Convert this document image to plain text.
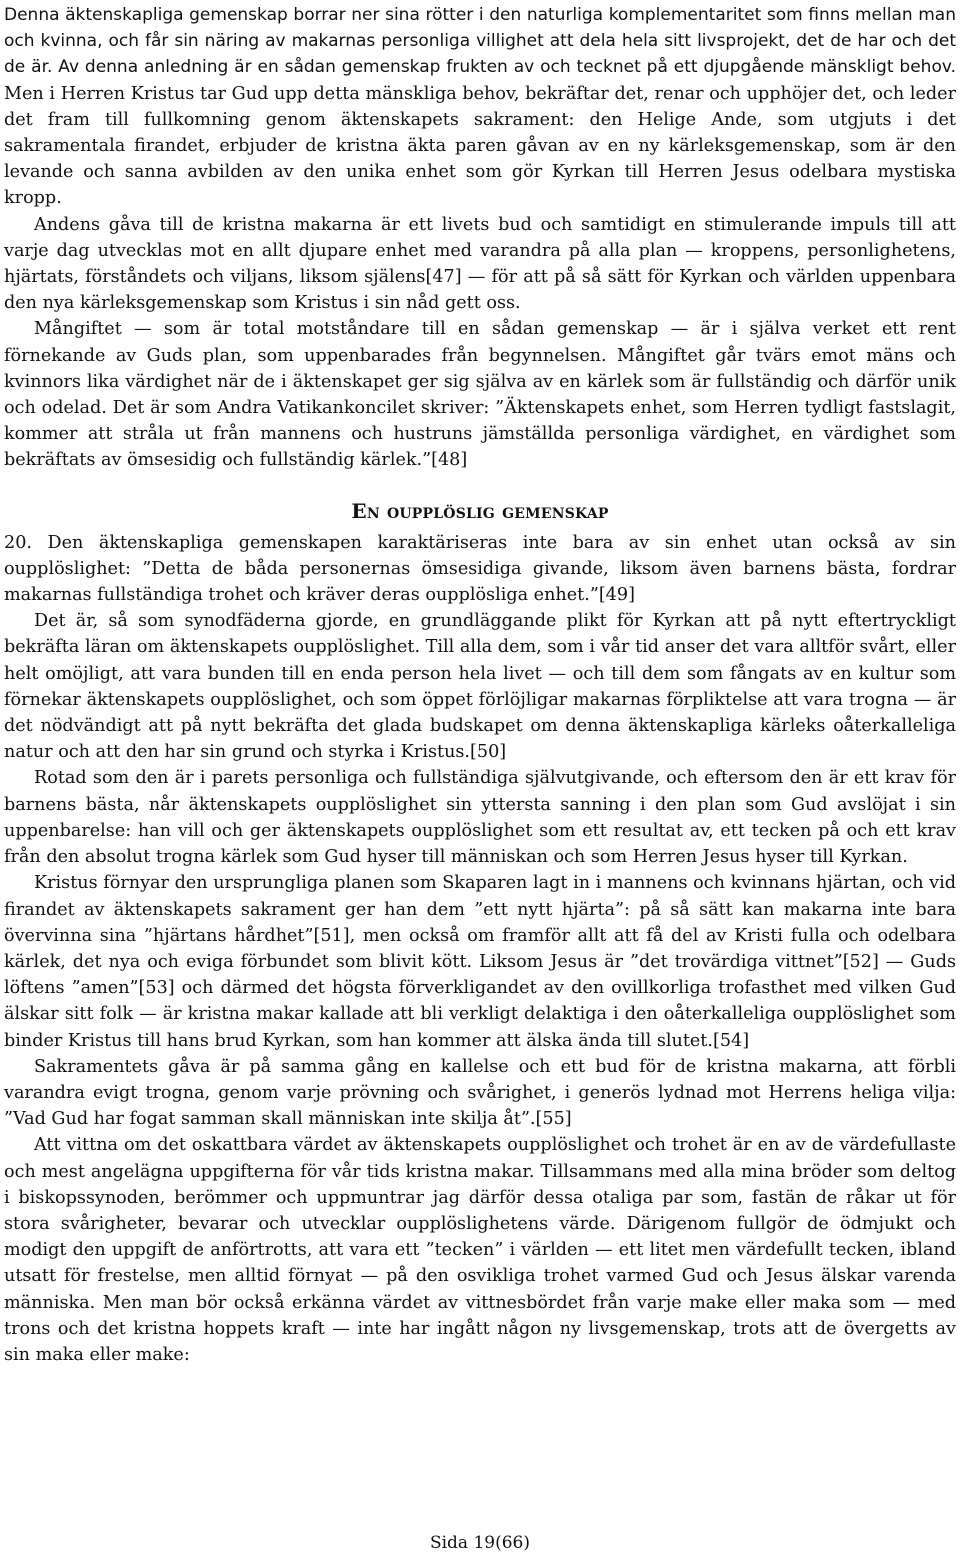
Denna äktenskapliga gemenskap borrar ner sina rötter i den naturliga komplementaritet som finns mellan man och kvinna, och får sin näring av makarnas personliga villighet att dela hela sitt livsprojekt, det de har och det de är. Av denna anledning är en sådan gemenskap frukten av och tecknet på ett djupgående mänskligt behov. Men i Herren Kristus tar Gud upp detta mänskliga behov, bekräftar det, renar och upphöjer det, och leder det fram till fullkomning genom äktenskapets sakrament: den Helige Ande, som utgjuts i det sakramentala firandet, erbjuder de kristna äkta paren gåvan av en ny kärleksgemenskap, som är den levande och sanna avbilden av den unika enhet som gör Kyrkan till Herren Jesus odelbara mystiska kropp.

Andens gåva till de kristna makarna är ett livets bud och samtidigt en stimulerande impuls till att varje dag utvecklas mot en allt djupare enhet med varandra på alla plan — kroppens, personlighetens, hjärtats, förståndets och viljans, liksom själens[47] — för att på så sätt för Kyrkan och världen uppenbara den nya kärleksgemenskap som Kristus i sin nåd gett oss.

Mångiftet — som är total motståndare till en sådan gemenskap — är i själva verket ett rent förnekande av Guds plan, som uppenbarades från begynnelsen. Mångiftet går tvärs emot mäns och kvinnors lika värdighet när de i äktenskapet ger sig själva av en kärlek som är fullständig och därför unik och odelad. Det är som Andra Vatikankoncilet skriver: ”Äktenskapets enhet, som Herren tydligt fastslagit, kommer att stråla ut från mannens och hustruns jämställda personliga värdighet, en värdighet som bekräftats av ömsesidig och fullständig kärlek.”[48]

En oupplöslig gemenskap

20. Den äktenskapliga gemenskapen karaktäriseras inte bara av sin enhet utan också av sin oupplöslighet: ”Detta de båda personernas ömsesidiga givande, liksom även barnens bästa, fordrar makarnas fullständiga trohet och kräver deras oupplösliga enhet.”[49]

Det är, så som synodfäderna gjorde, en grundläggande plikt för Kyrkan att på nytt eftertryckligt bekräfta läran om äktenskapets oupplöslighet. Till alla dem, som i vår tid anser det vara alltför svårt, eller helt omöjligt, att vara bunden till en enda person hela livet — och till dem som fångats av en kultur som förnekar äktenskapets oupplöslighet, och som öppet förlöjligar makarnas förpliktelse att vara trogna — är det nödvändigt att på nytt bekräfta det glada budskapet om denna äktenskapliga kärleks oåterkalleliga natur och att den har sin grund och styrka i Kristus.[50]

Rotad som den är i parets personliga och fullständiga självutgivande, och eftersom den är ett krav för barnens bästa, når äktenskapets oupplöslighet sin yttersta sanning i den plan som Gud avslöjat i sin uppenbarelse: han vill och ger äktenskapets oupplöslighet som ett resultat av, ett tecken på och ett krav från den absolut trogna kärlek som Gud hyser till människan och som Herren Jesus hyser till Kyrkan.

Kristus förnyar den ursprungliga planen som Skaparen lagt in i mannens och kvinnans hjärtan, och vid firandet av äktenskapets sakrament ger han dem ”ett nytt hjärta”: på så sätt kan makarna inte bara övervinna sina ”hjärtans hårdhet”[51], men också om framför allt att få del av Kristi fulla och odelbara kärlek, det nya och eviga förbundet som blivit kött. Liksom Jesus är ”det trovärdiga vittnet”[52] — Guds löftens ”amen”[53] och därmed det högsta förverkligandet av den ovillkorliga trofasthet med vilken Gud älskar sitt folk — är kristna makar kallade att bli verkligt delaktiga i den oåterkalleliga oupplöslighet som binder Kristus till hans brud Kyrkan, som han kommer att älska ända till slutet.[54]

Sakramentets gåva är på samma gång en kallelse och ett bud för de kristna makarna, att förbli varandra evigt trogna, genom varje prövning och svårighet, i generös lydnad mot Herrens heliga vilja: ”Vad Gud har fogat samman skall människan inte skilja åt”.[55]

Att vittna om det oskattbara värdet av äktenskapets oupplöslighet och trohet är en av de värdefullaste och mest angelägna uppgifterna för vår tids kristna makar. Tillsammans med alla mina bröder som deltog i biskopssynoden, berömmer och uppmuntrar jag därför dessa otaliga par som, fastän de råkar ut för stora svårigheter, bevarar och utvecklar oupplöslighetens värde. Därigenom fullgör de ödmjukt och modigt den uppgift de anförtrotts, att vara ett ”tecken” i världen — ett litet men värdefullt tecken, ibland utsatt för frestelse, men alltid förnyat — på den osvikliga trohet varmed Gud och Jesus älskar varenda människa. Men man bör också erkänna värdet av vittnesbördet från varje make eller maka som — med trons och det kristna hoppets kraft — inte har ingått någon ny livsgemenskap, trots att de övergetts av sin maka eller make:

Sida 19(66)
